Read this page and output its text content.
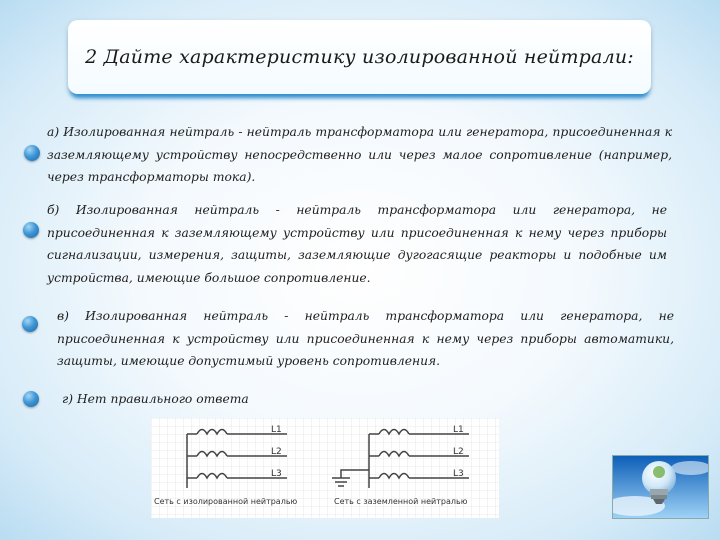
2 Дайте характеристику изолированной нейтрали:
а) Изолированная нейтраль - нейтраль трансформатора или генератора, присоединенная к заземляющему устройству непосредственно или через малое сопротивление (например, через трансформаторы тока).
б) Изолированная нейтраль - нейтраль трансформатора или генератора, не присоединенная к заземляющему устройству или присоединенная к нему через приборы сигнализации, измерения, защиты, заземляющие дугогасящие реакторы и подобные им устройства, имеющие большое сопротивление.
в) Изолированная нейтраль - нейтраль трансформатора или генератора, не присоединенная к устройству или присоединенная к нему через приборы автоматики, защиты, имеющие допустимый уровень сопротивления.
г) Нет правильного ответа
L1
L2
L3
L1
L2
L3
Сеть с изолированной нейтралью	Сеть с заземленной нейтралью
